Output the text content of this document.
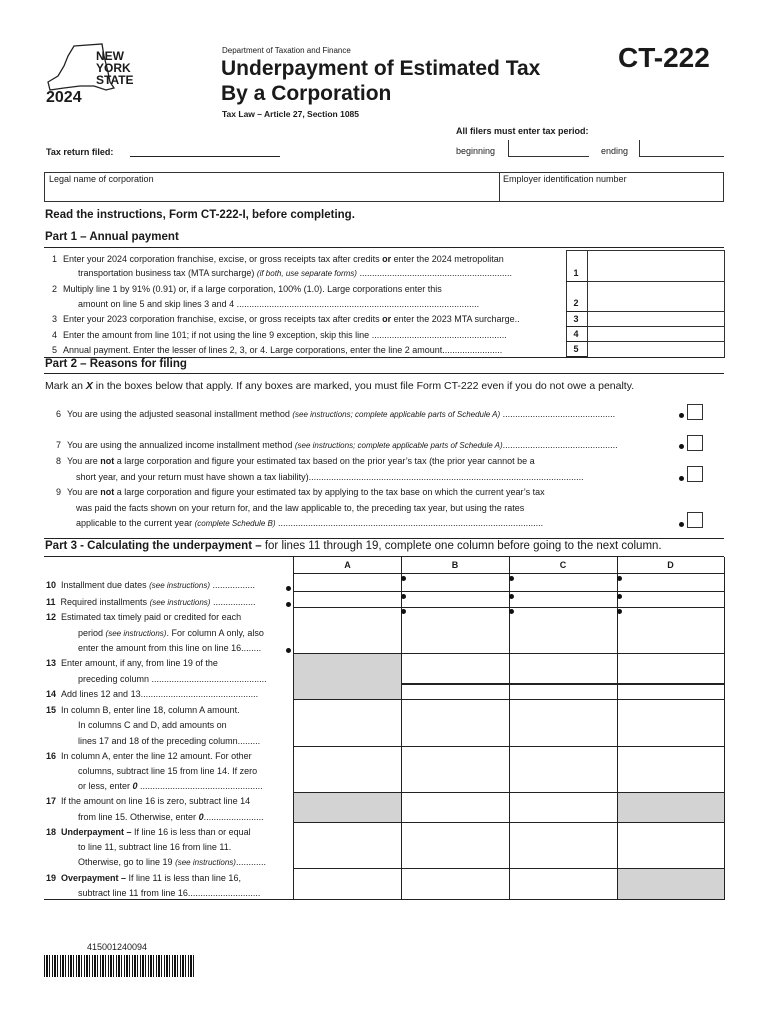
NEW
YORK
STATE
2024
Department of Taxation and Finance
Underpayment of Estimated Tax
By a Corporation
Tax Law – Article 27, Section 1085
CT-222
All filers must enter tax period:
beginning	ending
Tax return filed:
Legal name of corporation	Employer identification number
Read the instructions, Form CT-222-I, before completing.
Part 1 – Annual payment
1 Enter your 2024 corporation franchise, excise, or gross receipts tax after credits or enter the 2024 metropolitan
transportation business tax (MTA surcharge) (if both, use separate forms) .............................................................
2 Multiply line 1 by 91% (0.91) or, if a large corporation, 100% (1.0). Large corporations enter this
amount on line 5 and skip lines 3 and 4 .................................................................................................
3 Enter your 2023 corporation franchise, excise, or gross receipts tax after credits or enter the 2023 MTA surcharge..
4 Enter the amount from line 101; if not using the line 9 exception, skip this line ......................................................
5 Annual payment. Enter the lesser of lines 2, 3, or 4. Large corporations, enter the line 2 amount........................
1
2
3
4
5
Part 2 – Reasons for filing
Mark an X in the boxes below that apply. If any boxes are marked, you must file Form CT-222 even if you do not owe a penalty.
6 You are using the adjusted seasonal installment method (see instructions; complete applicable parts of Schedule A) .............................................
7 You are using the annualized income installment method (see instructions; complete applicable parts of Schedule A)..............................................
8 You are not a large corporation and figure your estimated tax based on the prior year’s tax (the prior year cannot be a
short year, and your return must have shown a tax liability)..............................................................................................................
9 You are not a large corporation and figure your estimated tax by applying to the tax base on which the current year’s tax
was paid the facts shown on your return for, and the law applicable to, the preceding tax year, but using the rates
applicable to the current year (complete Schedule B) ..........................................................................................................
Part 3 - Calculating the underpayment – for lines 11 through 19, complete one column before going to the next column.
A	B	C	D
10 Installment due dates (see instructions) .................
11 Required installments (see instructions) .................
12 Estimated tax timely paid or credited for each
period (see instructions). For column A only, also
enter the amount from this line on line 16........
13 Enter amount, if any, from line 19 of the
preceding column ..............................................
14 Add lines 12 and 13...............................................
15 In column B, enter line 18, column A amount.
In columns C and D, add amounts on
lines 17 and 18 of the preceding column.........
16 In column A, enter the line 12 amount. For other
columns, subtract line 15 from line 14. If zero
or less, enter 0 .................................................
17 If the amount on line 16 is zero, subtract line 14
from line 15. Otherwise, enter 0........................
18 Underpayment – If line 16 is less than or equal
to line 11, subtract line 16 from line 11.
Otherwise, go to line 19 (see instructions)............
19 Overpayment – If line 11 is less than line 16,
subtract line 11 from line 16.............................
415001240094
